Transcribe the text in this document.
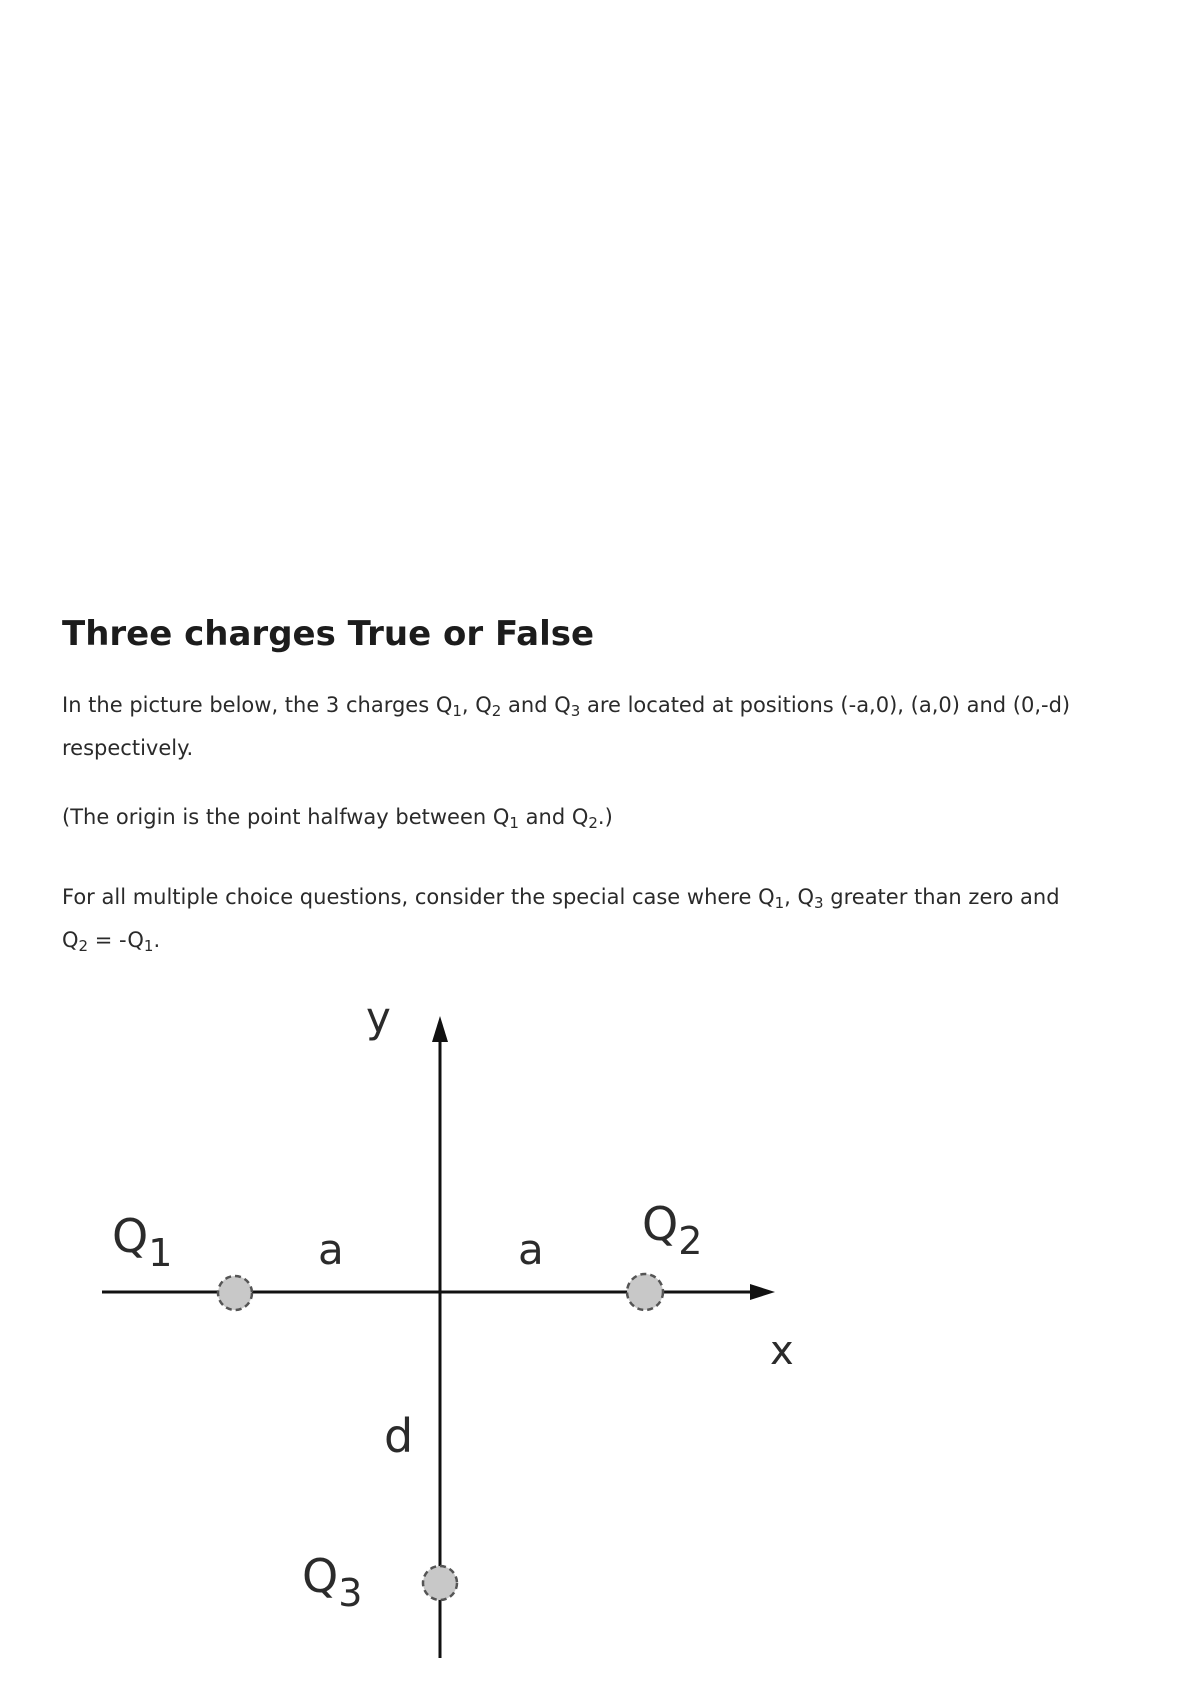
Three charges True or False

In the picture below, the 3 charges $Q_1$, $Q_2$ and $Q_3$ are located at positions (-a,0), (a,0) and (0,-d) respectively.

(The origin is the point halfway between $Q_1$ and $Q_2$.)

For all multiple choice questions, consider the special case where $Q_1$, $Q_3$ greater than zero and $Q_2 = -Q_1$.

y
x
$Q_1$
$Q_2$
$Q_3$
a	a
d
